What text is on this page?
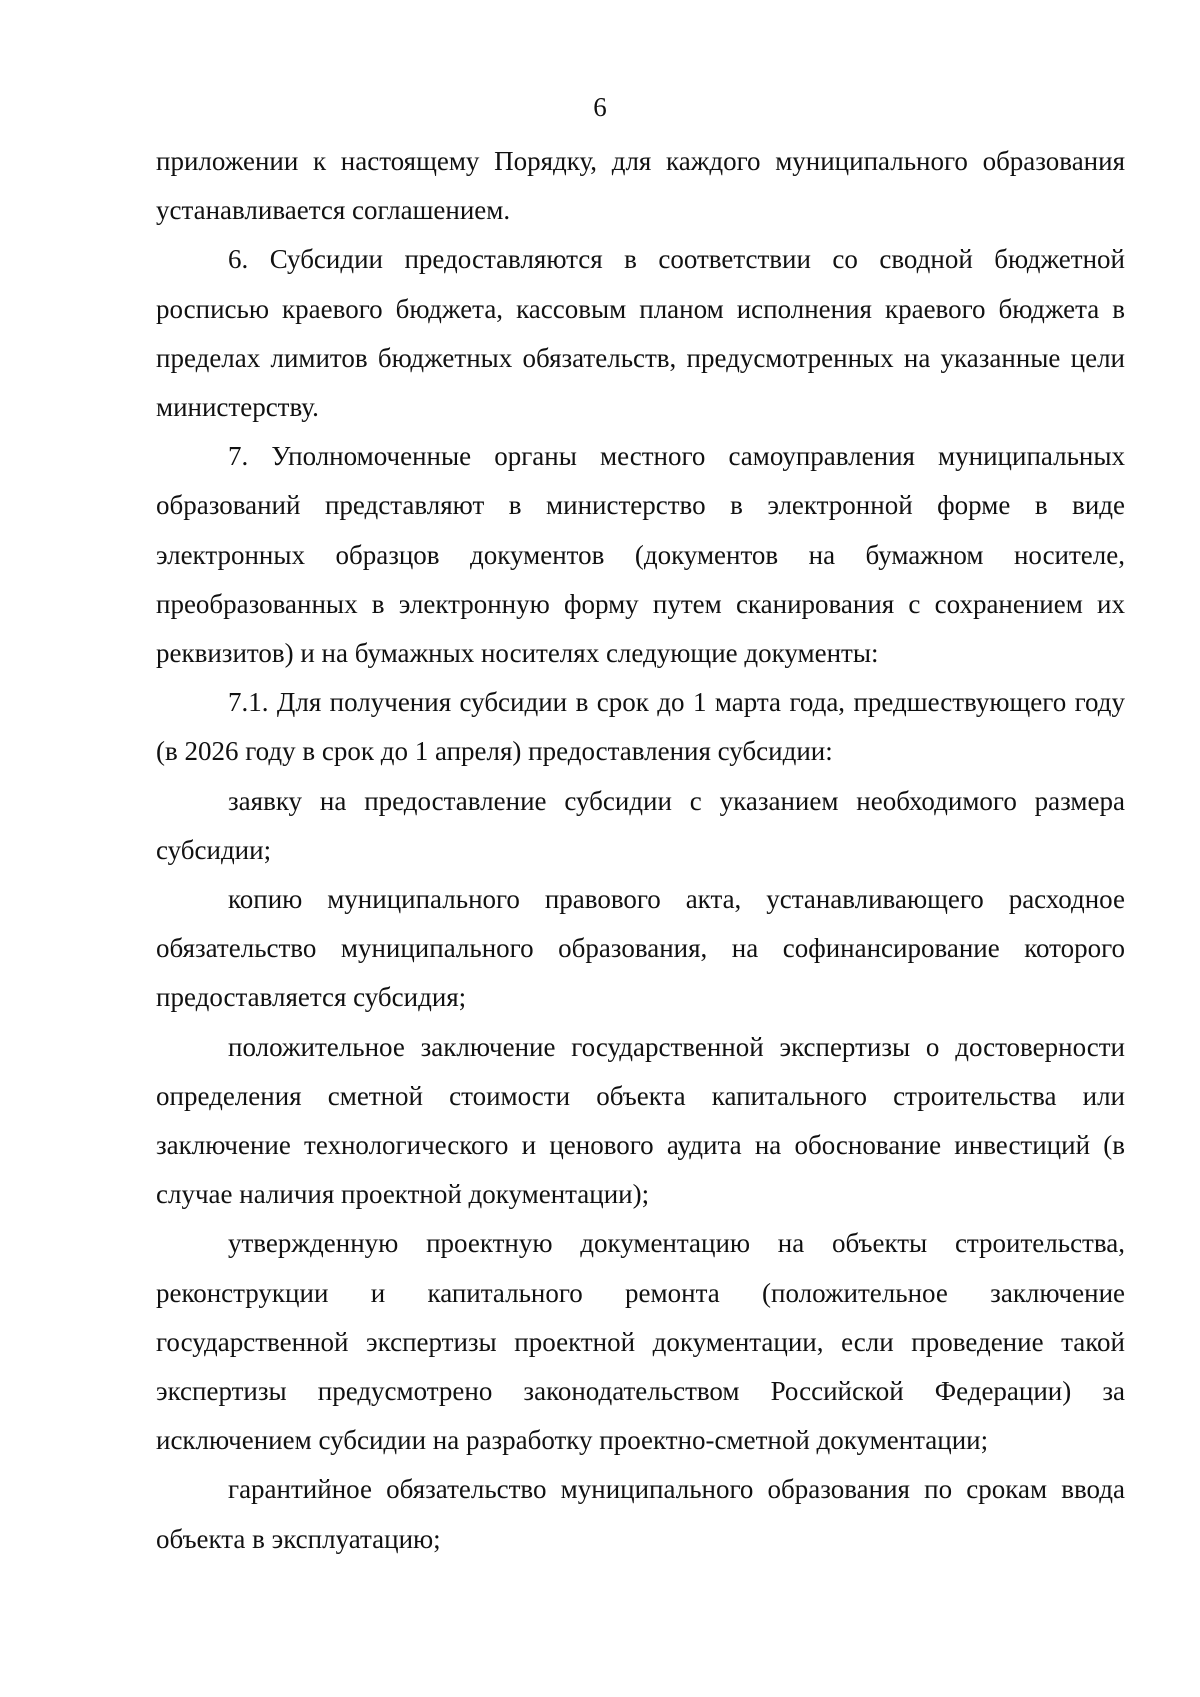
6

приложении к настоящему Порядку, для каждого муниципального образования устанавливается соглашением.

6. Субсидии предоставляются в соответствии со сводной бюджетной росписью краевого бюджета, кассовым планом исполнения краевого бюджета в пределах лимитов бюджетных обязательств, предусмотренных на указанные цели министерству.

7. Уполномоченные органы местного самоуправления муниципальных образований представляют в министерство в электронной форме в виде электронных образцов документов (документов на бумажном носителе, преобразованных в электронную форму путем сканирования с сохранением их реквизитов) и на бумажных носителях следующие документы:

7.1. Для получения субсидии в срок до 1 марта года, предшествующего году (в 2026 году в срок до 1 апреля) предоставления субсидии:

заявку на предоставление субсидии с указанием необходимого размера субсидии;

копию муниципального правового акта, устанавливающего расходное обязательство муниципального образования, на софинансирование которого предоставляется субсидия;

положительное заключение государственной экспертизы о достоверности определения сметной стоимости объекта капитального строительства или заключение технологического и ценового аудита на обоснование инвестиций (в случае наличия проектной документации);

утвержденную проектную документацию на объекты строительства, реконструкции и капитального ремонта (положительное заключение государственной экспертизы проектной документации, если проведение такой экспертизы предусмотрено законодательством Российской Федерации) за исключением субсидии на разработку проектно-сметной документации;

гарантийное обязательство муниципального образования по срокам ввода объекта в эксплуатацию;
